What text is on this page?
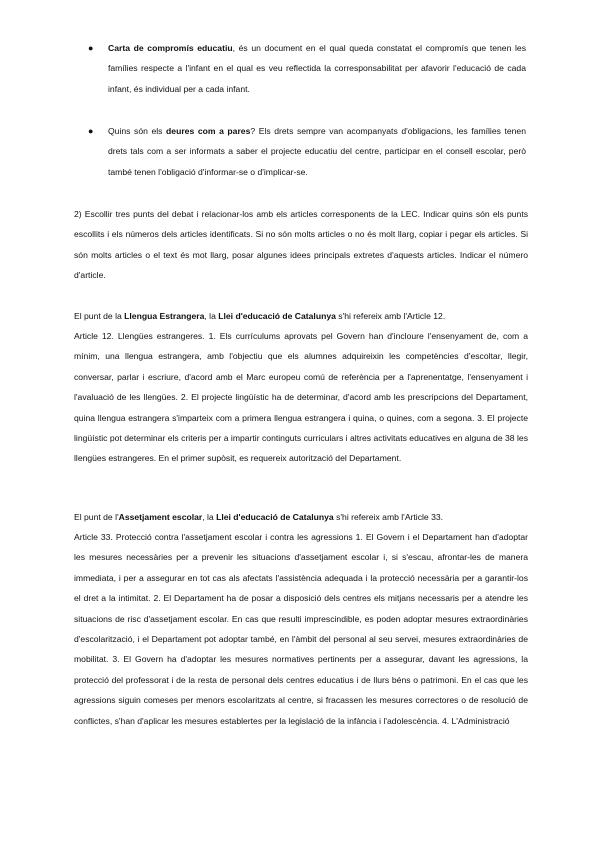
● Carta de compromís educatiu, és un document en el qual queda constatat el compromís que tenen les famílies respecte a l'infant en el qual es veu reflectida la corresponsabilitat per afavorir l'educació de cada infant, és individual per a cada infant.
● Quins són els deures com a pares? Els drets sempre van acompanyats d'obligacions, les famílies tenen drets tals com a ser informats a saber el projecte educatiu del centre, participar en el consell escolar, però també tenen l'obligació d'informar-se o d'implicar-se.
2) Escollir tres punts del debat i relacionar-los amb els articles corresponents de la LEC. Indicar quins són els punts escollits i els números dels articles identificats. Si no són molts articles o no és molt llarg, copiar i pegar els articles. Si són molts articles o el text és mot llarg, posar algunes idees principals extretes d'aquests articles. Indicar el número d'article.
El punt de la Llengua Estrangera, la Llei d'educació de Catalunya s'hi refereix amb l'Article 12.
Article 12. Llengües estrangeres. 1. Els currículums aprovats pel Govern han d'incloure l'ensenyament de, com a mínim, una llengua estrangera, amb l'objectiu que els alumnes adquireixin les competències d'escoltar, llegir, conversar, parlar i escriure, d'acord amb el Marc europeu comú de referència per a l'aprenentatge, l'ensenyament i l'avaluació de les llengües. 2. El projecte lingüístic ha de determinar, d'acord amb les prescripcions del Departament, quina llengua estrangera s'imparteix com a primera llengua estrangera i quina, o quines, com a segona. 3. El projecte lingüístic pot determinar els criteris per a impartir continguts curriculars i altres activitats educatives en alguna de 38 les llengües estrangeres. En el primer supòsit, es requereix autorització del Departament.
El punt de l'Assetjament escolar, la Llei d'educació de Catalunya s'hi refereix amb l'Article 33.
Article 33. Protecció contra l'assetjament escolar i contra les agressions 1. El Govern i el Departament han d'adoptar les mesures necessàries per a prevenir les situacions d'assetjament escolar i, si s'escau, afrontar-les de manera immediata, i per a assegurar en tot cas als afectats l'assistència adequada i la protecció necessària per a garantir-los el dret a la intimitat. 2. El Departament ha de posar a disposició dels centres els mitjans necessaris per a atendre les situacions de risc d'assetjament escolar. En cas que resulti imprescindible, es poden adoptar mesures extraordinàries d'escolarització, i el Departament pot adoptar també, en l'àmbit del personal al seu servei, mesures extraordinàries de mobilitat. 3. El Govern ha d'adoptar les mesures normatives pertinents per a assegurar, davant les agressions, la protecció del professorat i de la resta de personal dels centres educatius i de llurs béns o patrimoni. En el cas que les agressions siguin comeses per menors escolaritzats al centre, si fracassen les mesures correctores o de resolució de conflictes, s'han d'aplicar les mesures establertes per la legislació de la infància i l'adolescència. 4. L'Administració
